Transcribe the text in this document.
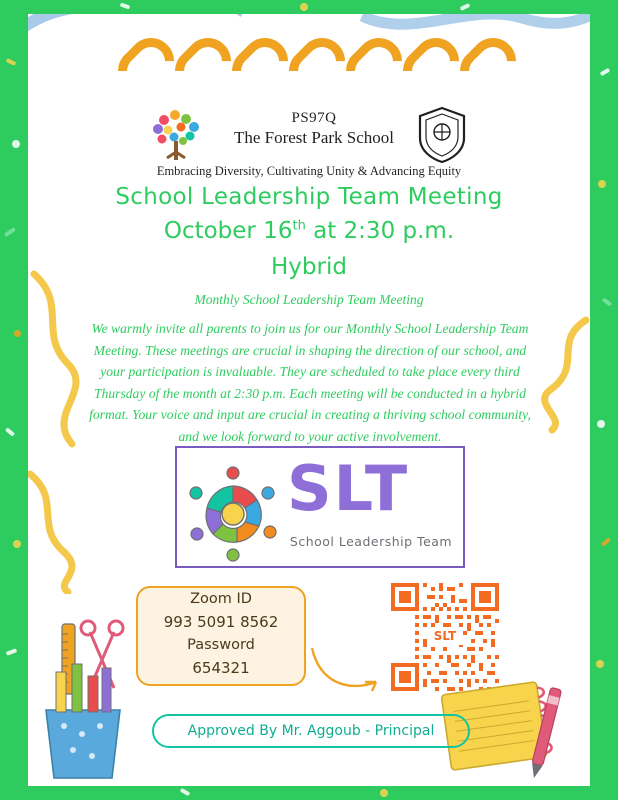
PS97Q
The Forest Park School
Embracing Diversity, Cultivating Unity & Advancing Equity
School Leadership Team Meeting
October 16th at 2:30 p.m.
Hybrid
Monthly School Leadership Team Meeting
We warmly invite all parents to join us for our Monthly School Leadership Team Meeting. These meetings are crucial in shaping the direction of our school, and your participation is invaluable. They are scheduled to take place every third Thursday of the month at 2:30 p.m. Each meeting will be conducted in a hybrid format. Your voice and input are crucial in creating a thriving school community, and we look forward to your active involvement.
SLT
School Leadership Team
Zoom ID
993 5091 8562
Password
654321
SLT
Approved By Mr. Aggoub - Principal
